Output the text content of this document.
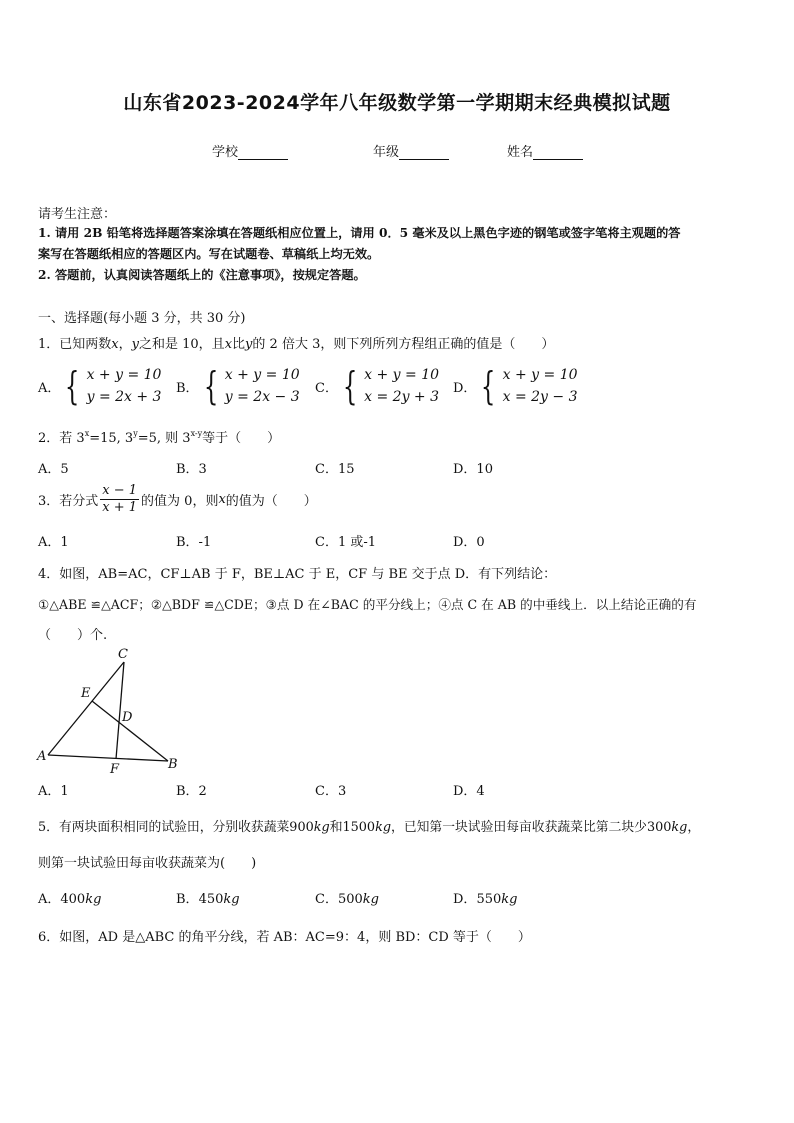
山东省2023-2024学年八年级数学第一学期期末经典模拟试题
学校	年级	姓名
请考生注意：
1. 请用 2B 铅笔将选择题答案涂填在答题纸相应位置上，请用 0．5 毫米及以上黑色字迹的钢笔或签字笔将主观题的答
案写在答题纸相应的答题区内。写在试题卷、草稿纸上均无效。
2. 答题前，认真阅读答题纸上的《注意事项》，按规定答题。
一、选择题(每小题 3 分，共 30 分)
1．已知两数x，y之和是 10，且x比y的 2 倍大 3，则下列所列方程组正确的值是（　　）
A． { x + y = 10
y = 2x + 3
B． { x + y = 10
y = 2x − 3
C． { x + y = 10
x = 2y + 3
D． { x + y = 10
x = 2y − 3
2．若 $3^x=15$, $3^y=5$, 则 3$^{x-y}$等于（　　）
A．5	B．3	C．15	D．10
3．若分式 $\frac{x - 1}{x + 1}$ 的值为 0，则 x 的值为（　　）
A．1	B．-1	C．1 或-1	D．0
4．如图，AB=AC，CF⊥AB 于 F，BE⊥AC 于 E，CF 与 BE 交于点 D．有下列结论：
①△ABE ≌△ACF；②△BDF ≌△CDE；③点 D 在∠BAC 的平分线上；④点 C 在 AB 的中垂线上．以上结论正确的有
（　　）个.
C
E
D
A
F	B
A．1	B．2	C．3	D．4
5．有两块面积相同的试验田，分别收获蔬菜900kg和1500kg，已知第一块试验田每亩收获蔬菜比第二块少300kg，
则第一块试验田每亩收获蔬菜为(　　)
A．400kg	B．450kg	C．500kg	D．550kg
6．如图，AD 是△ABC 的角平分线，若 AB：AC=9：4，则 BD：CD 等于（　　）
